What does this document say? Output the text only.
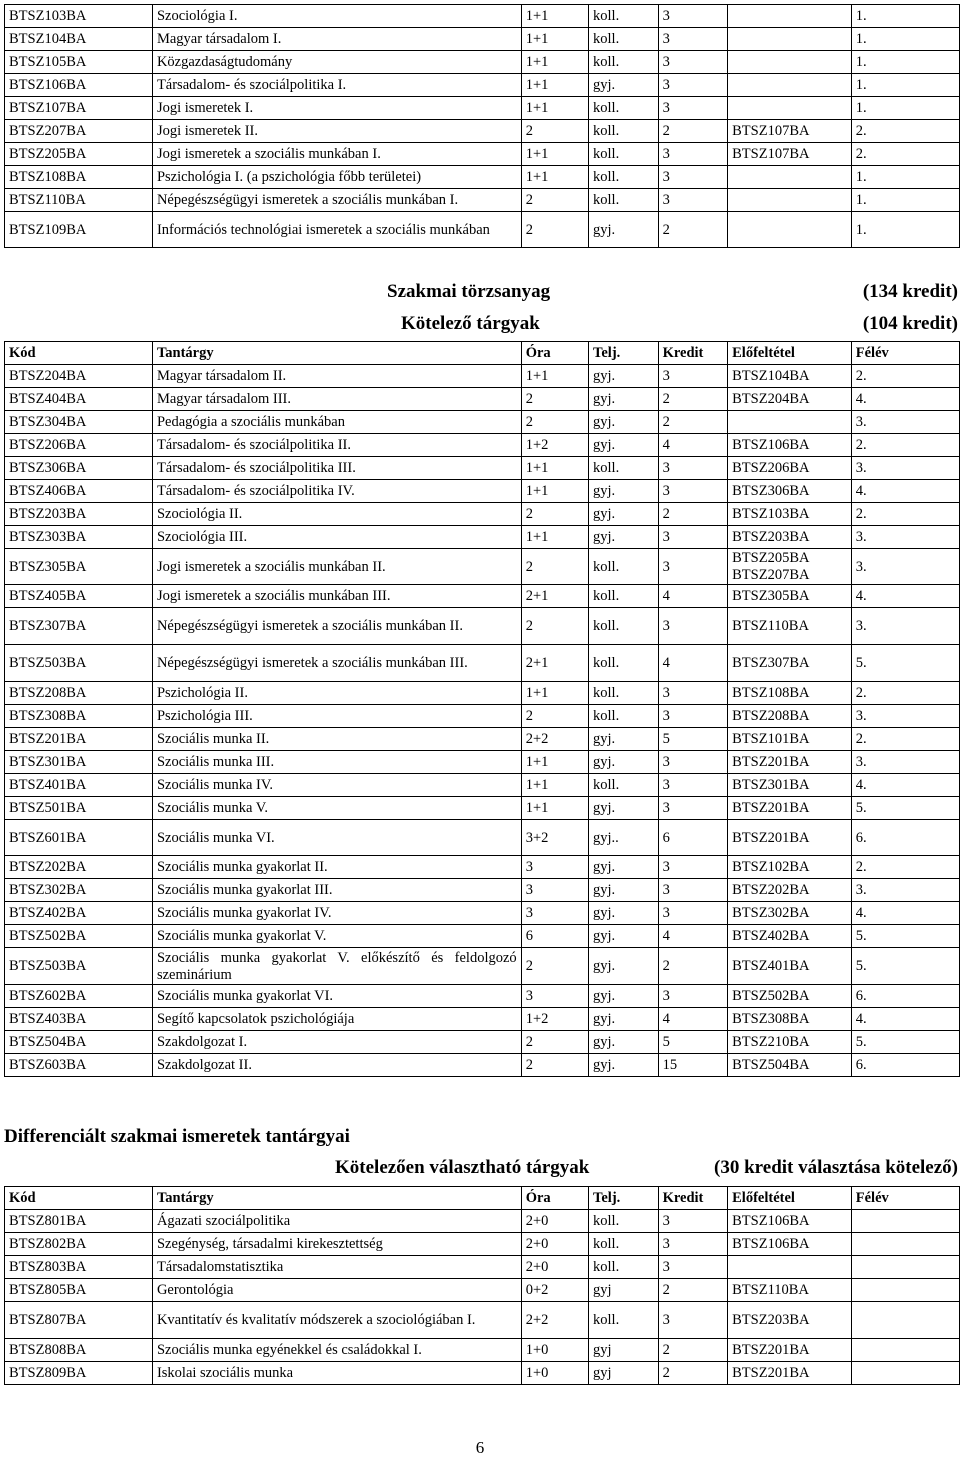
BTSZ103BA	Szociológia I.	1+1	koll.	3		1.
BTSZ104BA	Magyar társadalom I.	1+1	koll.	3		1.
BTSZ105BA	Közgazdaságtudomány	1+1	koll.	3		1.
BTSZ106BA	Társadalom- és szociálpolitika I.	1+1	gyj.	3		1.
BTSZ107BA	Jogi ismeretek I.	1+1	koll.	3		1.
BTSZ207BA	Jogi ismeretek II.	2	koll.	2	BTSZ107BA	2.
BTSZ205BA	Jogi ismeretek a szociális munkában I.	1+1	koll.	3	BTSZ107BA	2.
BTSZ108BA	Pszichológia I. (a pszichológia főbb területei)	1+1	koll.	3		1.
BTSZ110BA	Népegészségügyi ismeretek a szociális munkában I.	2	koll.	3		1.
BTSZ109BA	Információs technológiai ismeretek a szociális munkában	2	gyj.	2		1.
Szakmai törzsanyag	(134 kredit)
Kötelező tárgyak	(104 kredit)
Kód	Tantárgy	Óra	Telj.	Kredit	Előfeltétel	Félév
BTSZ204BA	Magyar társadalom II.	1+1	gyj.	3	BTSZ104BA	2.
BTSZ404BA	Magyar társadalom III.	2	gyj.	2	BTSZ204BA	4.
BTSZ304BA	Pedagógia a szociális munkában	2	gyj.	2		3.
BTSZ206BA	Társadalom- és szociálpolitika II.	1+2	gyj.	4	BTSZ106BA	2.
BTSZ306BA	Társadalom- és szociálpolitika III.	1+1	koll.	3	BTSZ206BA	3.
BTSZ406BA	Társadalom- és szociálpolitika IV.	1+1	gyj.	3	BTSZ306BA	4.
BTSZ203BA	Szociológia II.	2	gyj.	2	BTSZ103BA	2.
BTSZ303BA	Szociológia III.	1+1	gyj.	3	BTSZ203BA	3.
BTSZ305BA	Jogi ismeretek a szociális munkában II.	2	koll.	3	BTSZ205BA BTSZ207BA	3.
BTSZ405BA	Jogi ismeretek a szociális munkában III.	2+1	koll.	4	BTSZ305BA	4.
BTSZ307BA	Népegészségügyi ismeretek a szociális munkában II.	2	koll.	3	BTSZ110BA	3.
BTSZ503BA	Népegészségügyi ismeretek a szociális munkában III.	2+1	koll.	4	BTSZ307BA	5.
BTSZ208BA	Pszichológia II.	1+1	koll.	3	BTSZ108BA	2.
BTSZ308BA	Pszichológia III.	2	koll.	3	BTSZ208BA	3.
BTSZ201BA	Szociális munka II.	2+2	gyj.	5	BTSZ101BA	2.
BTSZ301BA	Szociális munka III.	1+1	gyj.	3	BTSZ201BA	3.
BTSZ401BA	Szociális munka IV.	1+1	koll.	3	BTSZ301BA	4.
BTSZ501BA	Szociális munka V.	1+1	gyj.	3	BTSZ201BA	5.
BTSZ601BA	Szociális munka VI.	3+2	gyj..	6	BTSZ201BA	6.
BTSZ202BA	Szociális munka gyakorlat II.	3	gyj.	3	BTSZ102BA	2.
BTSZ302BA	Szociális munka gyakorlat III.	3	gyj.	3	BTSZ202BA	3.
BTSZ402BA	Szociális munka gyakorlat IV.	3	gyj.	3	BTSZ302BA	4.
BTSZ502BA	Szociális munka gyakorlat V.	6	gyj.	4	BTSZ402BA	5.
BTSZ503BA	Szociális munka gyakorlat V. előkészítő és feldolgozó szeminárium	2	gyj.	2	BTSZ401BA	5.
BTSZ602BA	Szociális munka gyakorlat VI.	3	gyj.	3	BTSZ502BA	6.
BTSZ403BA	Segítő kapcsolatok pszichológiája	1+2	gyj.	4	BTSZ308BA	4.
BTSZ504BA	Szakdolgozat I.	2	gyj.	5	BTSZ210BA	5.
BTSZ603BA	Szakdolgozat II.	2	gyj.	15	BTSZ504BA	6.
Differenciált szakmai ismeretek tantárgyai
Kötelezően választható tárgyak	(30 kredit választása kötelező)
Kód	Tantárgy	Óra	Telj.	Kredit	Előfeltétel	Félév
BTSZ801BA	Ágazati szociálpolitika	2+0	koll.	3	BTSZ106BA	
BTSZ802BA	Szegénység, társadalmi kirekesztettség	2+0	koll.	3	BTSZ106BA	
BTSZ803BA	Társadalomstatisztika	2+0	koll.	3		
BTSZ805BA	Gerontológia	0+2	gyj	2	BTSZ110BA	
BTSZ807BA	Kvantitatív és kvalitatív módszerek a szociológiában I.	2+2	koll.	3	BTSZ203BA	
BTSZ808BA	Szociális munka egyénekkel és családokkal I.	1+0	gyj	2	BTSZ201BA	
BTSZ809BA	Iskolai szociális munka	1+0	gyj	2	BTSZ201BA	
6
